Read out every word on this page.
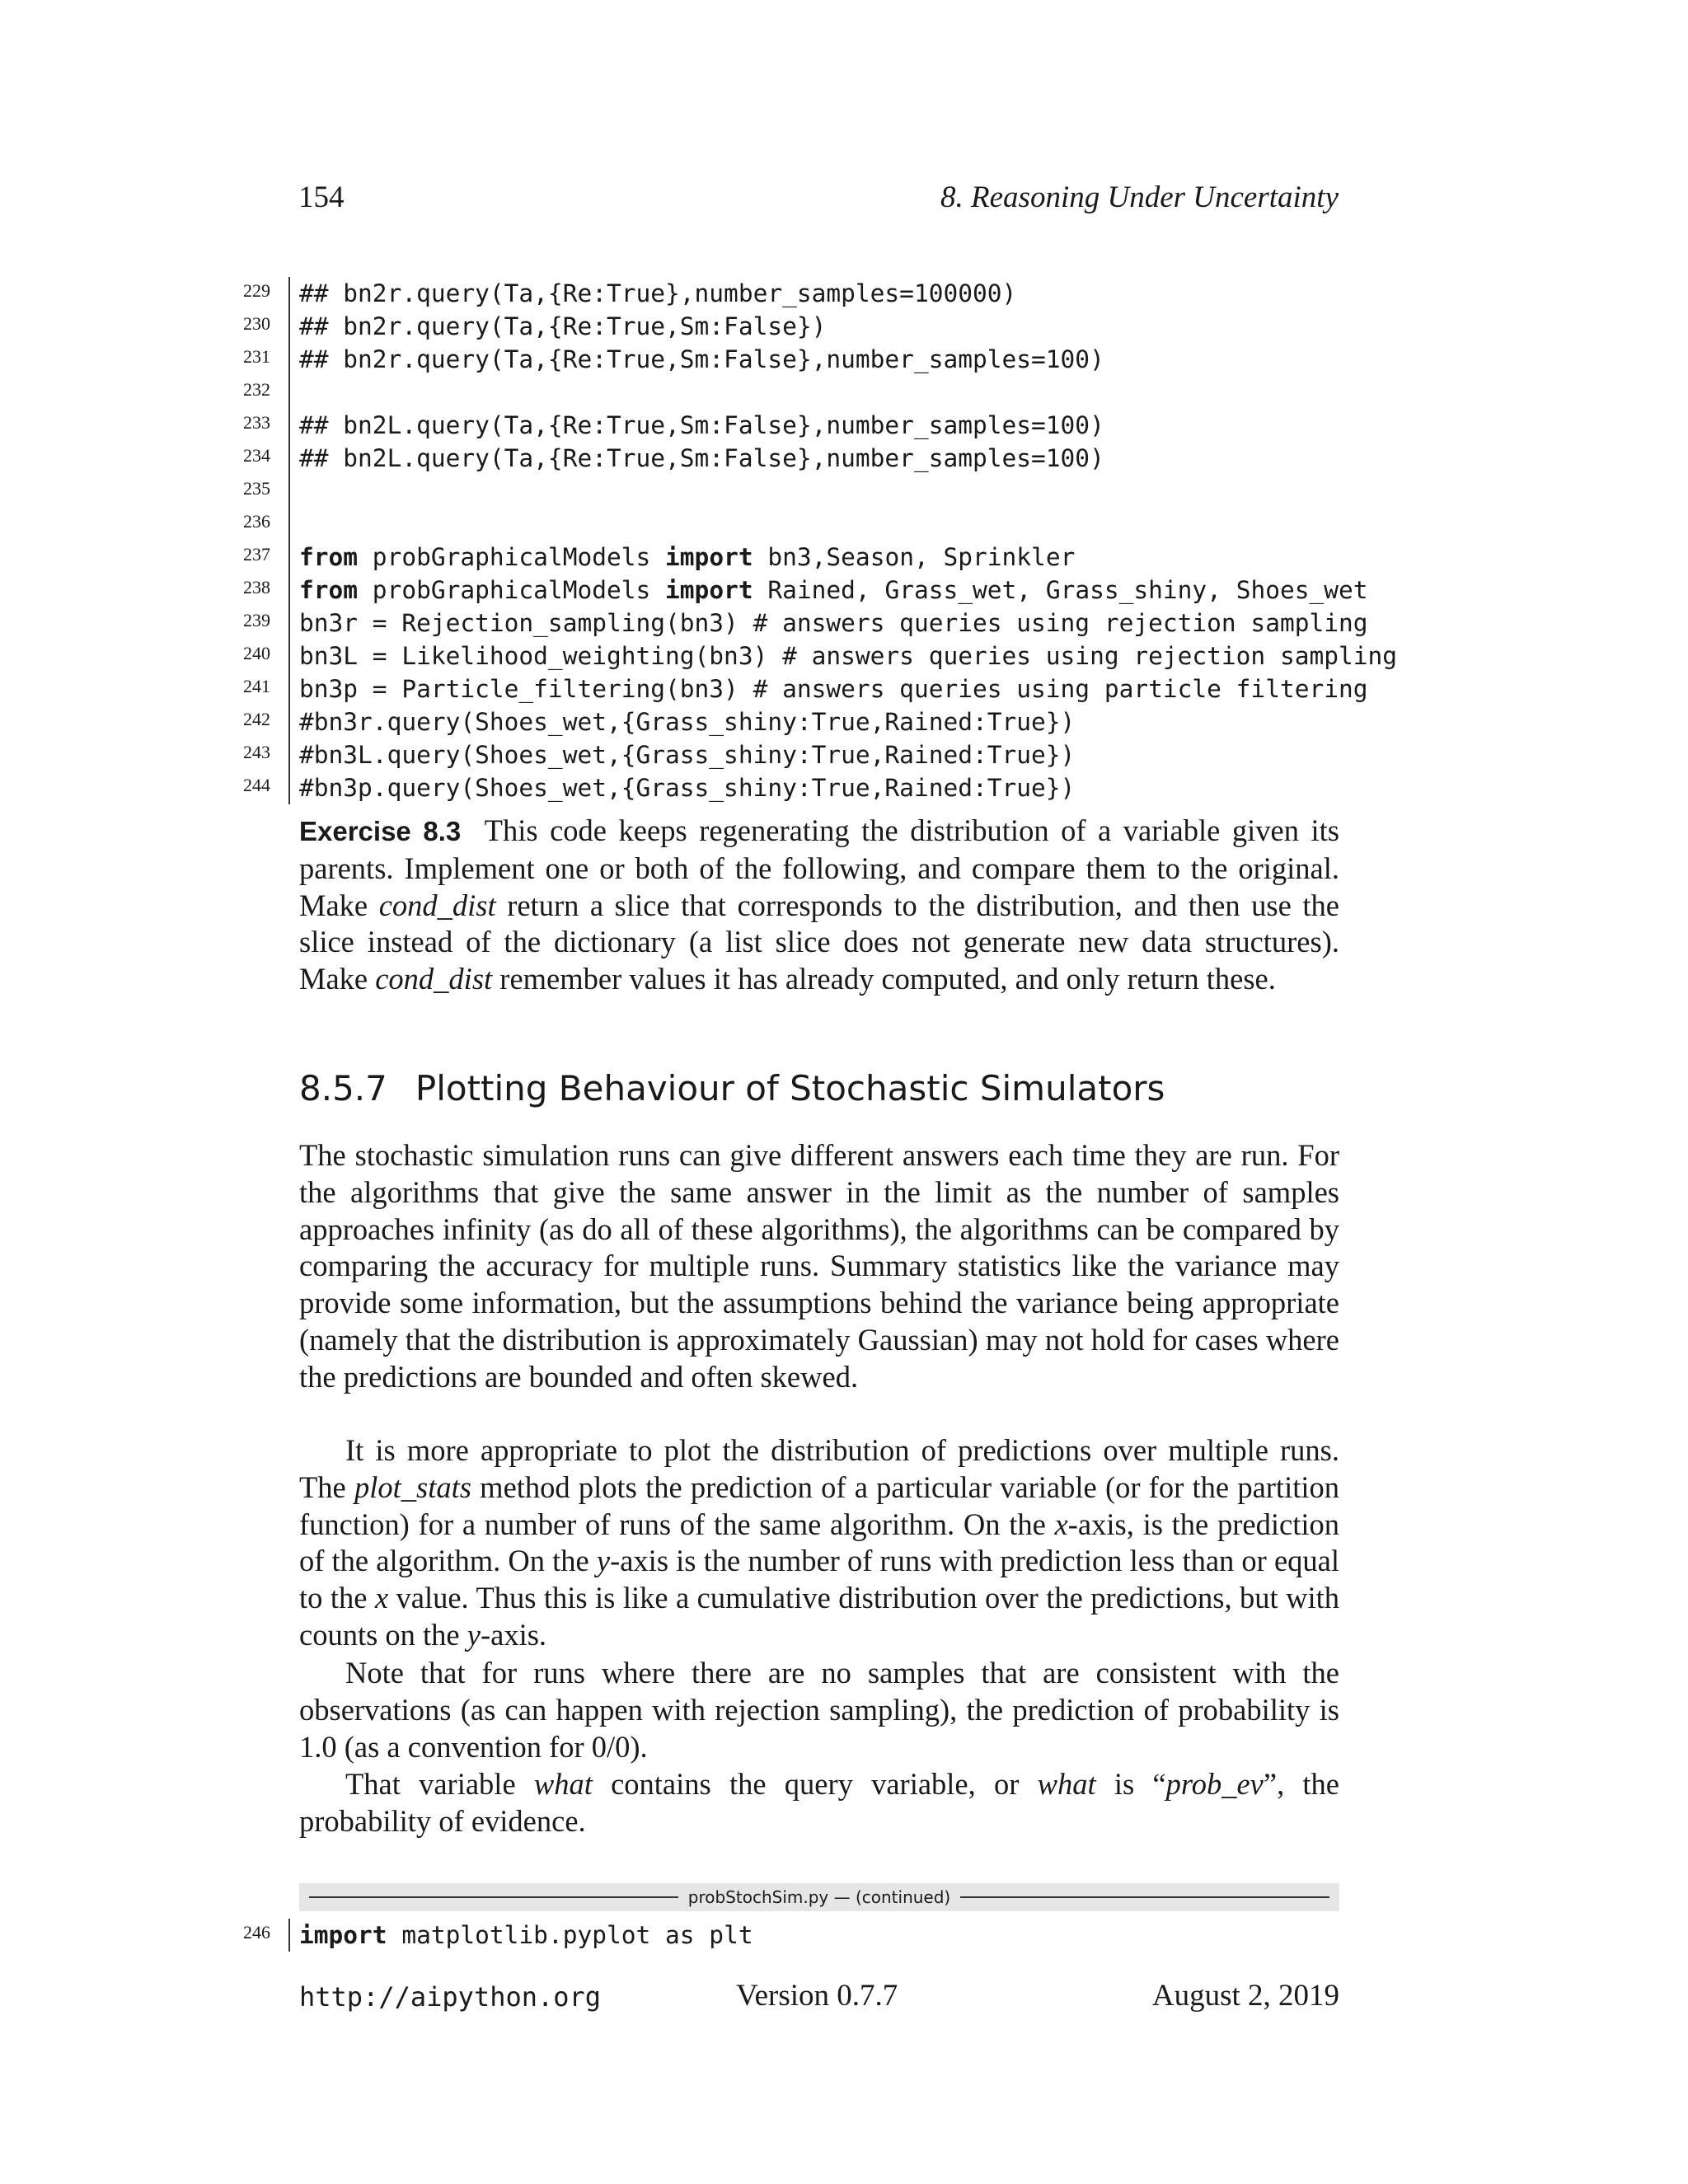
154	8. Reasoning Under Uncertainty
229 ## bn2r.query(Ta,{Re:True},number_samples=100000)
230 ## bn2r.query(Ta,{Re:True,Sm:False})
231 ## bn2r.query(Ta,{Re:True,Sm:False},number_samples=100)
232
233 ## bn2L.query(Ta,{Re:True,Sm:False},number_samples=100)
234 ## bn2L.query(Ta,{Re:True,Sm:False},number_samples=100)
235
236
237 from probGraphicalModels import bn3,Season, Sprinkler
238 from probGraphicalModels import Rained, Grass_wet, Grass_shiny, Shoes_wet
239 bn3r = Rejection_sampling(bn3) # answers queries using rejection sampling
240 bn3L = Likelihood_weighting(bn3) # answers queries using rejection sampling
241 bn3p = Particle_filtering(bn3) # answers queries using particle filtering
242 #bn3r.query(Shoes_wet,{Grass_shiny:True,Rained:True})
243 #bn3L.query(Shoes_wet,{Grass_shiny:True,Rained:True})
244 #bn3p.query(Shoes_wet,{Grass_shiny:True,Rained:True})

Exercise 8.3 This code keeps regenerating the distribution of a variable given its parents. Implement one or both of the following, and compare them to the original. Make cond_dist return a slice that corresponds to the distribution, and then use the slice instead of the dictionary (a list slice does not generate new data structures). Make cond_dist remember values it has already computed, and only return these.

8.5.7 Plotting Behaviour of Stochastic Simulators

The stochastic simulation runs can give different answers each time they are run. For the algorithms that give the same answer in the limit as the number of samples approaches infinity (as do all of these algorithms), the algorithms can be compared by comparing the accuracy for multiple runs. Summary statistics like the variance may provide some information, but the assumptions behind the variance being appropriate (namely that the distribution is approximately Gaussian) may not hold for cases where the predictions are bounded and often skewed.

It is more appropriate to plot the distribution of predictions over multiple runs. The plot_stats method plots the prediction of a particular variable (or for the partition function) for a number of runs of the same algorithm. On the x-axis, is the prediction of the algorithm. On the y-axis is the number of runs with prediction less than or equal to the x value. Thus this is like a cumulative distribution over the predictions, but with counts on the y-axis.

Note that for runs where there are no samples that are consistent with the observations (as can happen with rejection sampling), the prediction of probability is 1.0 (as a convention for 0/0).

That variable what contains the query variable, or what is “prob_ev”, the probability of evidence.

probStochSim.py — (continued)
246 import matplotlib.pyplot as plt
http://aipython.org	Version 0.7.7	August 2, 2019
